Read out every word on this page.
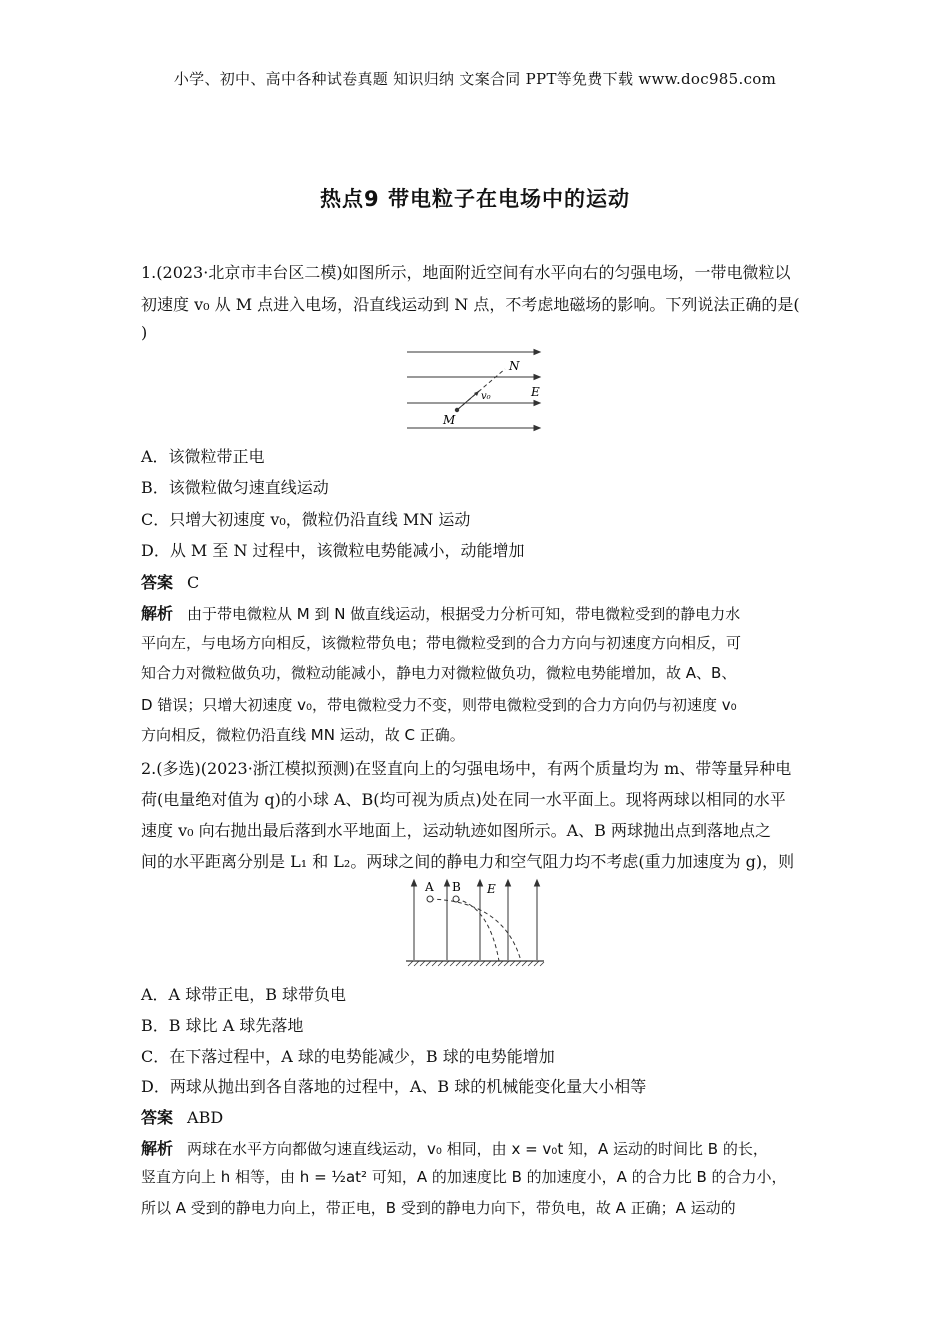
小学、初中、高中各种试卷真题 知识归纳 文案合同 PPT等免费下载 www.doc985.com
热点9 带电粒子在电场中的运动
1.(2023·北京市丰台区二模)如图所示，地面附近空间有水平向右的匀强电场，一带电微粒以
初速度 v₀ 从 M 点进入电场，沿直线运动到 N 点，不考虑地磁场的影响。下列说法正确的是(
)
N
E
v₀
M
A．该微粒带正电
B．该微粒做匀速直线运动
C．只增大初速度 v₀，微粒仍沿直线 MN 运动
D．从 M 至 N 过程中，该微粒电势能减小，动能增加
答案 C
解析 由于带电微粒从 M 到 N 做直线运动，根据受力分析可知，带电微粒受到的静电力水
平向左，与电场方向相反，该微粒带负电；带电微粒受到的合力方向与初速度方向相反，可
知合力对微粒做负功，微粒动能减小，静电力对微粒做负功，微粒电势能增加，故 A、B、
D 错误；只增大初速度 v₀，带电微粒受力不变，则带电微粒受到的合力方向仍与初速度 v₀
方向相反，微粒仍沿直线 MN 运动，故 C 正确。
2.(多选)(2023·浙江模拟预测)在竖直向上的匀强电场中，有两个质量均为 m、带等量异种电
荷(电量绝对值为 q)的小球 A、B(均可视为质点)处在同一水平面上。现将两球以相同的水平
速度 v₀ 向右抛出最后落到水平地面上，运动轨迹如图所示。A、B 两球抛出点到落地点之
间的水平距离分别是 L₁ 和 L₂。两球之间的静电力和空气阻力均不考虑(重力加速度为 g)，则
A B E
A．A 球带正电，B 球带负电
B．B 球比 A 球先落地
C．在下落过程中，A 球的电势能减少，B 球的电势能增加
D．两球从抛出到各自落地的过程中，A、B 球的机械能变化量大小相等
答案 ABD
解析 两球在水平方向都做匀速直线运动，v₀ 相同，由 x = v₀t 知，A 运动的时间比 B 的长，
竖直方向上 h 相等，由 h = ½at² 可知，A 的加速度比 B 的加速度小，A 的合力比 B 的合力小，
所以 A 受到的静电力向上，带正电，B 受到的静电力向下，带负电，故 A 正确；A 运动的
